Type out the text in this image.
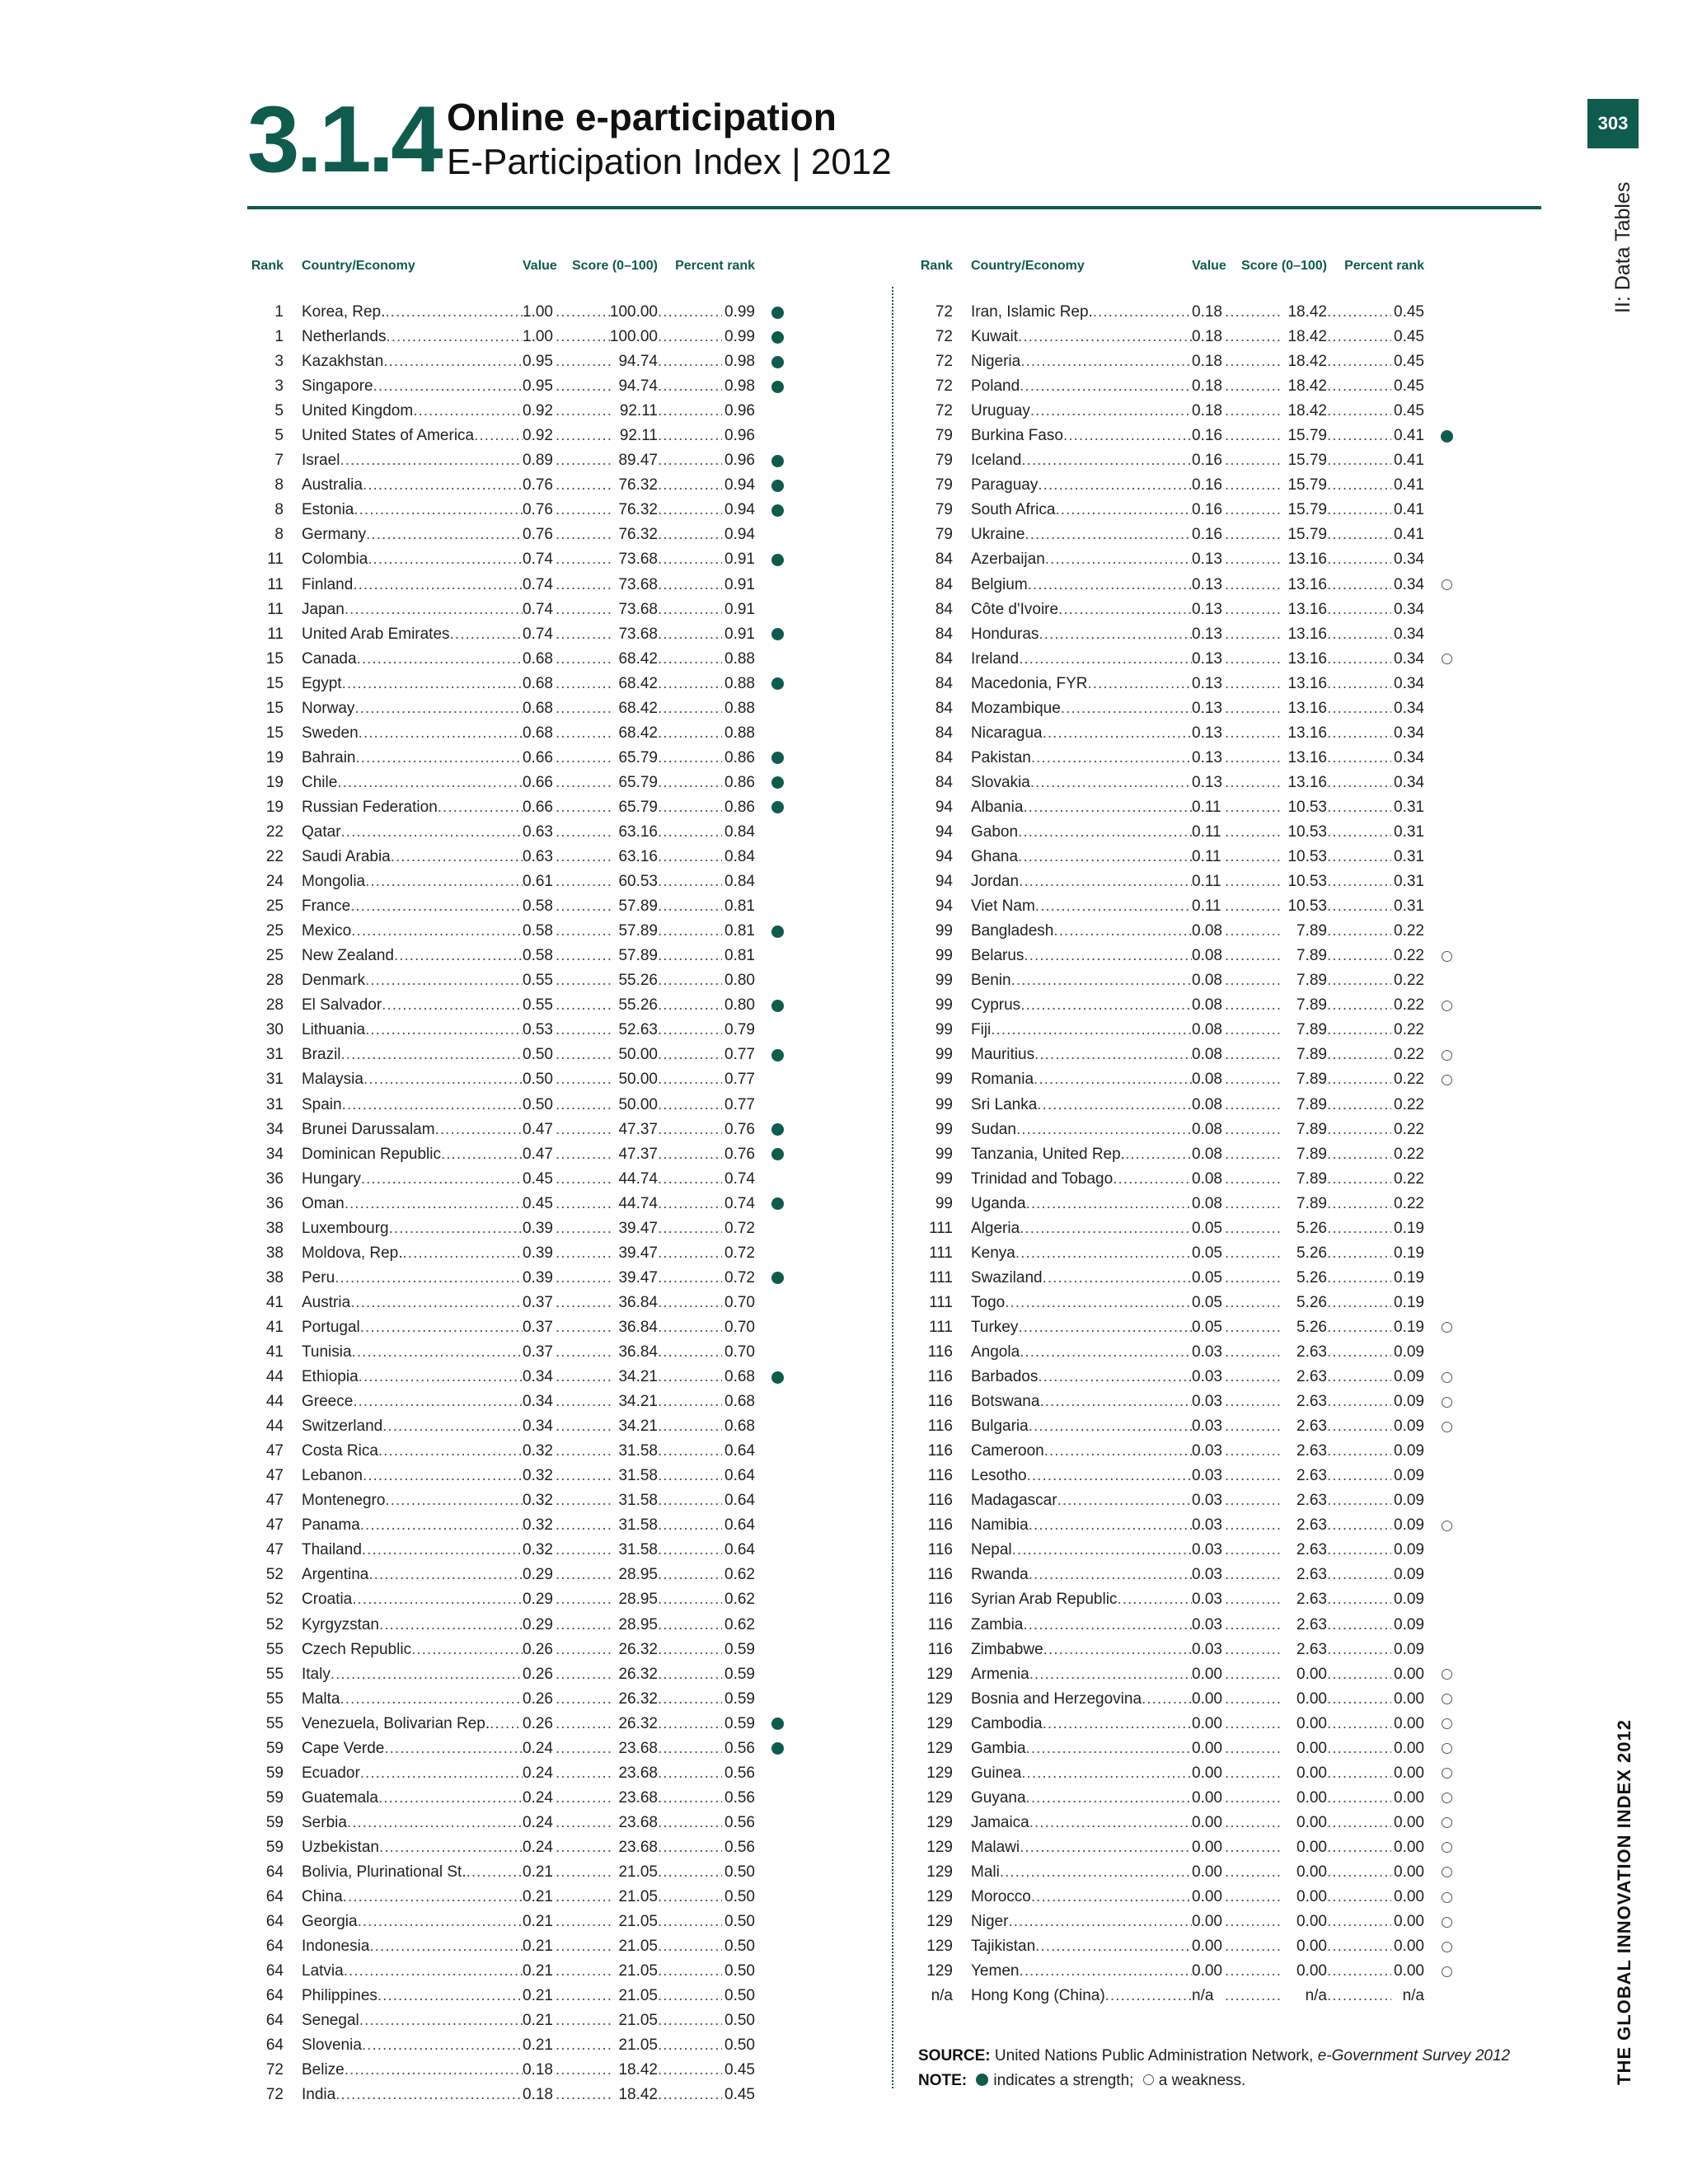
3.1.4 Online e-participation
E-Participation Index | 2012
303
II: Data Tables
THE GLOBAL INNOVATION INDEX 2012
Rank Country/Economy	Value	Score (0–100)	Percent rank
1 Korea, Rep. .....	1.00 .....	100.00 .....	0.99
1 Netherlands .....	1.00 .....	100.00 .....	0.99
3 Kazakhstan .....	0.95 .....	94.74 .....	0.98
3 Singapore .....	0.95 .....	94.74 .....	0.98
5 United Kingdom .....	0.92 .....	92.11 .....	0.96
5 United States of America .....	0.92 .....	92.11 .....	0.96
7 Israel .....	0.89 .....	89.47 .....	0.96
8 Australia .....	0.76 .....	76.32 .....	0.94
8 Estonia .....	0.76 .....	76.32 .....	0.94
8 Germany .....	0.76 .....	76.32 .....	0.94
11 Colombia .....	0.74 .....	73.68 .....	0.91
11 Finland .....	0.74 .....	73.68 .....	0.91
11 Japan .....	0.74 .....	73.68 .....	0.91
11 United Arab Emirates .....	0.74 .....	73.68 .....	0.91
15 Canada .....	0.68 .....	68.42 .....	0.88
15 Egypt .....	0.68 .....	68.42 .....	0.88
15 Norway .....	0.68 .....	68.42 .....	0.88
15 Sweden .....	0.68 .....	68.42 .....	0.88
19 Bahrain .....	0.66 .....	65.79 .....	0.86
19 Chile .....	0.66 .....	65.79 .....	0.86
19 Russian Federation .....	0.66 .....	65.79 .....	0.86
22 Qatar .....	0.63 .....	63.16 .....	0.84
22 Saudi Arabia .....	0.63 .....	63.16 .....	0.84
24 Mongolia .....	0.61 .....	60.53 .....	0.84
25 France .....	0.58 .....	57.89 .....	0.81
25 Mexico .....	0.58 .....	57.89 .....	0.81
25 New Zealand .....	0.58 .....	57.89 .....	0.81
28 Denmark .....	0.55 .....	55.26 .....	0.80
28 El Salvador .....	0.55 .....	55.26 .....	0.80
30 Lithuania .....	0.53 .....	52.63 .....	0.79
31 Brazil .....	0.50 .....	50.00 .....	0.77
31 Malaysia .....	0.50 .....	50.00 .....	0.77
31 Spain .....	0.50 .....	50.00 .....	0.77
34 Brunei Darussalam .....	0.47 .....	47.37 .....	0.76
34 Dominican Republic .....	0.47 .....	47.37 .....	0.76
36 Hungary .....	0.45 .....	44.74 .....	0.74
36 Oman .....	0.45 .....	44.74 .....	0.74
38 Luxembourg .....	0.39 .....	39.47 .....	0.72
38 Moldova, Rep. .....	0.39 .....	39.47 .....	0.72
38 Peru .....	0.39 .....	39.47 .....	0.72
41 Austria .....	0.37 .....	36.84 .....	0.70
41 Portugal .....	0.37 .....	36.84 .....	0.70
41 Tunisia .....	0.37 .....	36.84 .....	0.70
44 Ethiopia .....	0.34 .....	34.21 .....	0.68
44 Greece .....	0.34 .....	34.21 .....	0.68
44 Switzerland .....	0.34 .....	34.21 .....	0.68
47 Costa Rica .....	0.32 .....	31.58 .....	0.64
47 Lebanon .....	0.32 .....	31.58 .....	0.64
47 Montenegro .....	0.32 .....	31.58 .....	0.64
47 Panama .....	0.32 .....	31.58 .....	0.64
47 Thailand .....	0.32 .....	31.58 .....	0.64
52 Argentina .....	0.29 .....	28.95 .....	0.62
52 Croatia .....	0.29 .....	28.95 .....	0.62
52 Kyrgyzstan .....	0.29 .....	28.95 .....	0.62
55 Czech Republic .....	0.26 .....	26.32 .....	0.59
55 Italy .....	0.26 .....	26.32 .....	0.59
55 Malta .....	0.26 .....	26.32 .....	0.59
55 Venezuela, Bolivarian Rep. ..... 0.26 .....	26.32 .....	0.59
59 Cape Verde .....	0.24 .....	23.68 .....	0.56
59 Ecuador .....	0.24 .....	23.68 .....	0.56
59 Guatemala .....	0.24 .....	23.68 .....	0.56
59 Serbia .....	0.24 .....	23.68 .....	0.56
59 Uzbekistan .....	0.24 .....	23.68 .....	0.56
64 Bolivia, Plurinational St. .....	0.21 .....	21.05 .....	0.50
64 China .....	0.21 .....	21.05 .....	0.50
64 Georgia .....	0.21 .....	21.05 .....	0.50
64 Indonesia .....	0.21 .....	21.05 .....	0.50
64 Latvia .....	0.21 .....	21.05 .....	0.50
64 Philippines .....	0.21 .....	21.05 .....	0.50
64 Senegal .....	0.21 .....	21.05 .....	0.50
64 Slovenia .....	0.21 .....	21.05 .....	0.50
72 Belize .....	0.18 .....	18.42 .....	0.45
72 India .....	0.18 .....	18.42 .....	0.45
Rank Country/Economy	Value	Score (0–100)	Percent rank
72 Iran, Islamic Rep. .....	0.18 .....	18.42 .....	0.45
72 Kuwait .....	0.18 .....	18.42 .....	0.45
72 Nigeria .....	0.18 .....	18.42 .....	0.45
72 Poland .....	0.18 .....	18.42 .....	0.45
72 Uruguay .....	0.18 .....	18.42 .....	0.45
79 Burkina Faso .....	0.16 .....	15.79 .....	0.41
79 Iceland .....	0.16 .....	15.79 .....	0.41
79 Paraguay .....	0.16 .....	15.79 .....	0.41
79 South Africa .....	0.16 .....	15.79 .....	0.41
79 Ukraine .....	0.16 .....	15.79 .....	0.41
84 Azerbaijan .....	0.13 .....	13.16 .....	0.34
84 Belgium .....	0.13 .....	13.16 .....	0.34
84 Côte d'Ivoire .....	0.13 .....	13.16 .....	0.34
84 Honduras .....	0.13 .....	13.16 .....	0.34
84 Ireland .....	0.13 .....	13.16 .....	0.34
84 Macedonia, FYR .....	0.13 .....	13.16 .....	0.34
84 Mozambique .....	0.13 .....	13.16 .....	0.34
84 Nicaragua .....	0.13 .....	13.16 .....	0.34
84 Pakistan .....	0.13 .....	13.16 .....	0.34
84 Slovakia .....	0.13 .....	13.16 .....	0.34
94 Albania .....	0.11 .....	10.53 .....	0.31
94 Gabon .....	0.11 .....	10.53 .....	0.31
94 Ghana .....	0.11 .....	10.53 .....	0.31
94 Jordan .....	0.11 .....	10.53 .....	0.31
94 Viet Nam .....	0.11 .....	10.53 .....	0.31
99 Bangladesh .....	0.08 .....	7.89 .....	0.22
99 Belarus .....	0.08 .....	7.89 .....	0.22
99 Benin .....	0.08 .....	7.89 .....	0.22
99 Cyprus .....	0.08 .....	7.89 .....	0.22
99 Fiji .....	0.08 .....	7.89 .....	0.22
99 Mauritius .....	0.08 .....	7.89 .....	0.22
99 Romania .....	0.08 .....	7.89 .....	0.22
99 Sri Lanka .....	0.08 .....	7.89 .....	0.22
99 Sudan .....	0.08 .....	7.89 .....	0.22
99 Tanzania, United Rep. .....	0.08 .....	7.89 .....	0.22
99 Trinidad and Tobago .....	0.08 .....	7.89 .....	0.22
99 Uganda .....	0.08 .....	7.89 .....	0.22
111 Algeria .....	0.05 .....	5.26 .....	0.19
111 Kenya .....	0.05 .....	5.26 .....	0.19
111 Swaziland .....	0.05 .....	5.26 .....	0.19
111 Togo .....	0.05 .....	5.26 .....	0.19
111 Turkey .....	0.05 .....	5.26 .....	0.19
116 Angola .....	0.03 .....	2.63 .....	0.09
116 Barbados .....	0.03 .....	2.63 .....	0.09
116 Botswana .....	0.03 .....	2.63 .....	0.09
116 Bulgaria .....	0.03 .....	2.63 .....	0.09
116 Cameroon .....	0.03 .....	2.63 .....	0.09
116 Lesotho .....	0.03 .....	2.63 .....	0.09
116 Madagascar .....	0.03 .....	2.63 .....	0.09
116 Namibia .....	0.03 .....	2.63 .....	0.09
116 Nepal .....	0.03 .....	2.63 .....	0.09
116 Rwanda .....	0.03 .....	2.63 .....	0.09
116 Syrian Arab Republic .....	0.03 .....	2.63 .....	0.09
116 Zambia .....	0.03 .....	2.63 .....	0.09
116 Zimbabwe .....	0.03 .....	2.63 .....	0.09
129 Armenia .....	0.00 .....	0.00 .....	0.00
129 Bosnia and Herzegovina .....	0.00 .....	0.00 .....	0.00
129 Cambodia .....	0.00 .....	0.00 .....	0.00
129 Gambia .....	0.00 .....	0.00 .....	0.00
129 Guinea .....	0.00 .....	0.00 .....	0.00
129 Guyana .....	0.00 .....	0.00 .....	0.00
129 Jamaica .....	0.00 .....	0.00 .....	0.00
129 Malawi .....	0.00 .....	0.00 .....	0.00
129 Mali .....	0.00 .....	0.00 .....	0.00
129 Morocco .....	0.00 .....	0.00 .....	0.00
129 Niger .....	0.00 .....	0.00 .....	0.00
129 Tajikistan .....	0.00 .....	0.00 .....	0.00
129 Yemen .....	0.00 .....	0.00 .....	0.00
n/a Hong Kong (China) .....	n/a .....	n/a .....	n/a
SOURCE: United Nations Public Administration Network, e-Government Survey 2012
NOTE: indicates a strength; a weakness.
